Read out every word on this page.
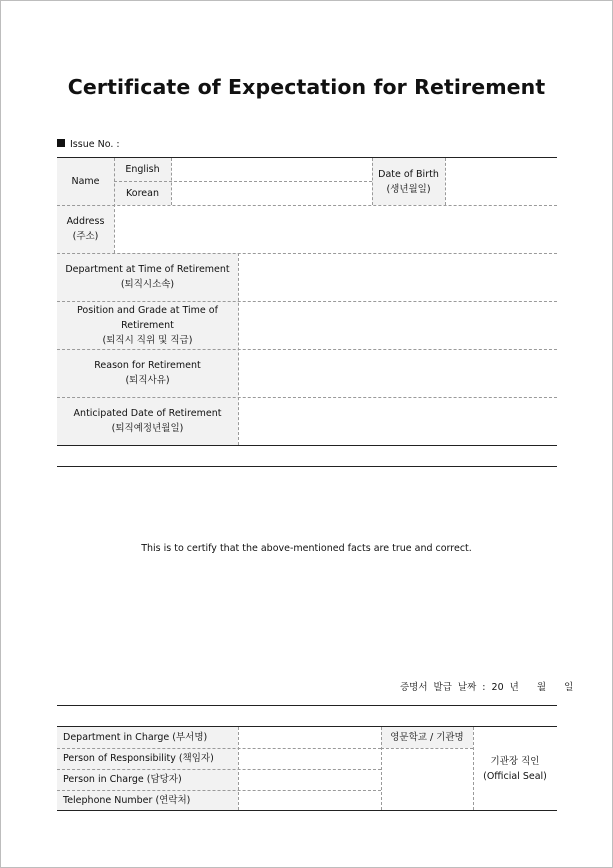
Certificate of Expectation for Retirement
Issue No. :
Name
English
Korean
Date of Birth
(생년월일)
Address
(주소)
Department at Time of Retirement
(퇴직시소속)
Position and Grade at Time of
Retirement
(퇴직시 직위 및 직급)
Reason for Retirement
(퇴직사유)
Anticipated Date of Retirement
(퇴직예정년월일)
This is to certify that the above-mentioned facts are true and correct.
증명서 발급 날짜 : 20 년 월 일
Department in Charge (부서명)
Person of Responsibility (책임자)
Person in Charge (담당자)
Telephone Number (연락처)
영문학교 / 기관명
기관장 직인
(Official Seal)
